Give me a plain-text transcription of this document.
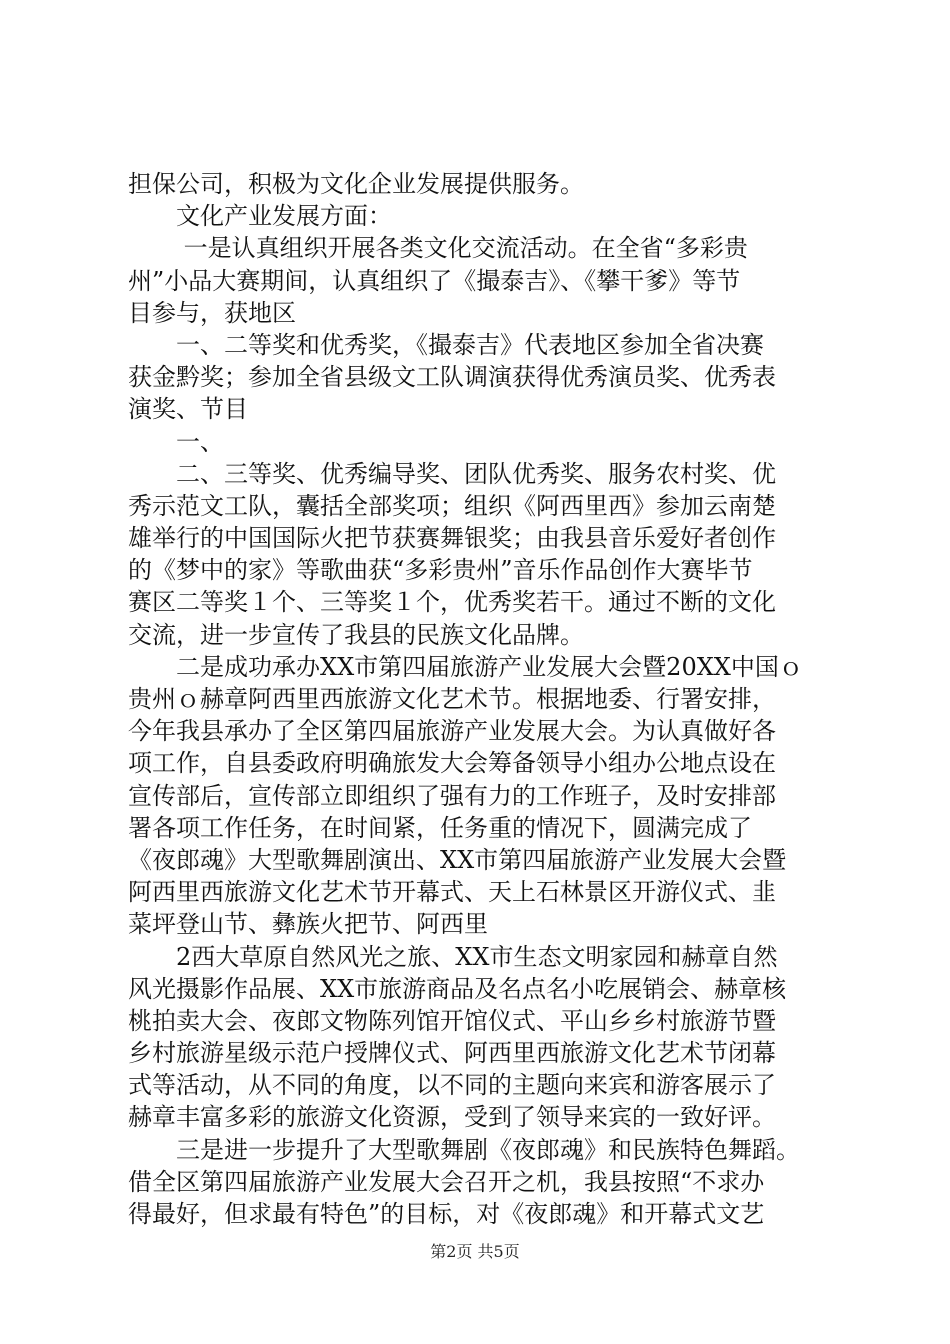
担保公司，积极为文化企业发展提供服务。
　　文化产业发展方面：
　　 一是认真组织开展各类文化交流活动。在全省“多彩贵
州”小品大赛期间，认真组织了《撮泰吉》、《攀干爹》等节
目参与，获地区
　　一、二等奖和优秀奖，《撮泰吉》代表地区参加全省决赛
获金黔奖；参加全省县级文工队调演获得优秀演员奖、优秀表
演奖、节目
　　一、
　　二、三等奖、优秀编导奖、团队优秀奖、服务农村奖、优
秀示范文工队，囊括全部奖项；组织《阿西里西》参加云南楚
雄举行的中国国际火把节获赛舞银奖；由我县音乐爱好者创作
的《梦中的家》等歌曲获“多彩贵州”音乐作品创作大赛毕节
赛区二等奖１个、三等奖１个，优秀奖若干。通过不断的文化
交流，进一步宣传了我县的民族文化品牌。
　　二是成功承办XX市第四届旅游产业发展大会暨20XX中国ｏ
贵州ｏ赫章阿西里西旅游文化艺术节。根据地委、行署安排，
今年我县承办了全区第四届旅游产业发展大会。为认真做好各
项工作，自县委政府明确旅发大会筹备领导小组办公地点设在
宣传部后，宣传部立即组织了强有力的工作班子，及时安排部
署各项工作任务，在时间紧，任务重的情况下，圆满完成了
《夜郎魂》大型歌舞剧演出、XX市第四届旅游产业发展大会暨
阿西里西旅游文化艺术节开幕式、天上石林景区开游仪式、韭
菜坪登山节、彝族火把节、阿西里
　　2西大草原自然风光之旅、XX市生态文明家园和赫章自然
风光摄影作品展、XX市旅游商品及名点名小吃展销会、赫章核
桃拍卖大会、夜郎文物陈列馆开馆仪式、平山乡乡村旅游节暨
乡村旅游星级示范户授牌仪式、阿西里西旅游文化艺术节闭幕
式等活动，从不同的角度，以不同的主题向来宾和游客展示了
赫章丰富多彩的旅游文化资源，受到了领导来宾的一致好评。
　　三是进一步提升了大型歌舞剧《夜郎魂》和民族特色舞蹈。
借全区第四届旅游产业发展大会召开之机，我县按照“不求办
得最好，但求最有特色”的目标，对《夜郎魂》和开幕式文艺
第2页 共5页
